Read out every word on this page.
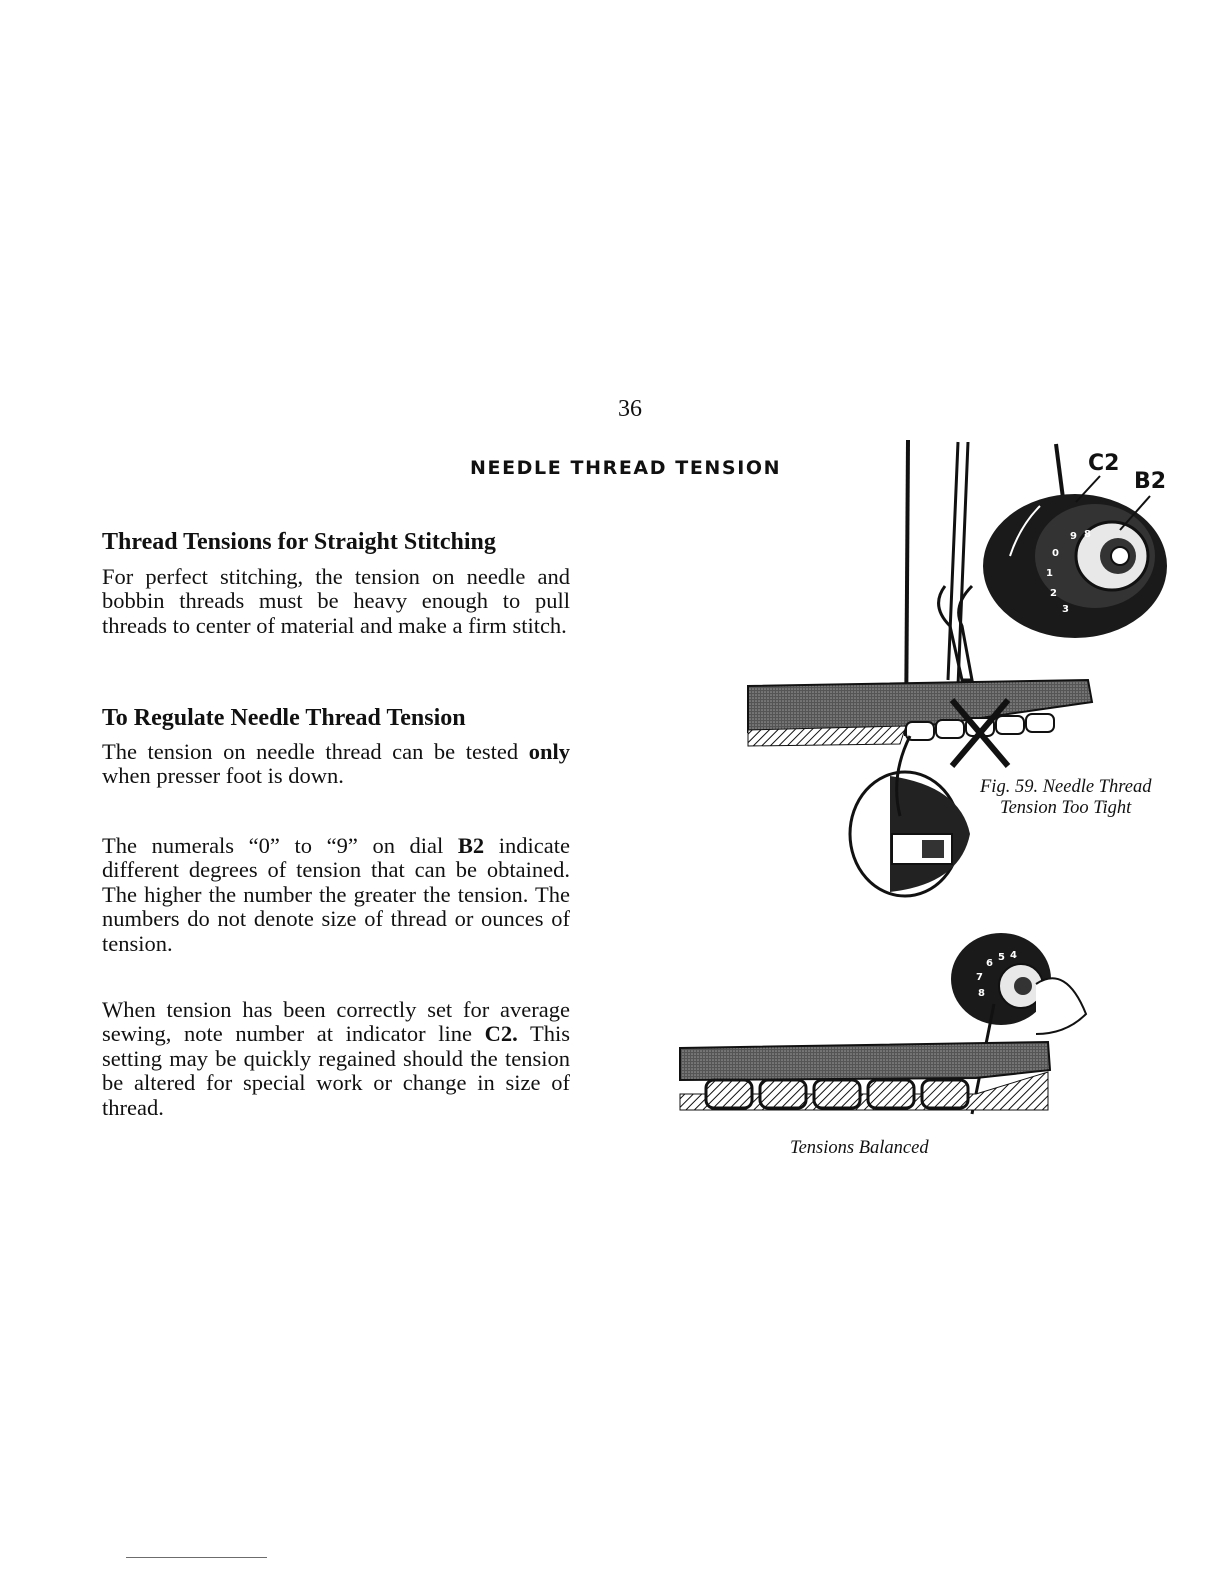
36
NEEDLE THREAD TENSION
Thread Tensions for Straight Stitching
For perfect stitching, the tension on needle and bobbin threads must be heavy enough to pull threads to center of material and make a firm stitch.
To Regulate Needle Thread Tension
The tension on needle thread can be tested only when presser foot is down.
The numerals “0” to “9” on dial B2 indicate different degrees of tension that can be obtained. The higher the number the greater the tension. The numbers do not denote size of thread or ounces of tension.
When tension has been correctly set for average sewing, note number at indicator line C2. This setting may be quickly regained should the tension be altered for special work or change in size of thread.
9 8
0
1
2
3
C2
B2
Fig. 59. Needle Thread
Tension Too Tight
6
5 4
7
8
Tensions Balanced
